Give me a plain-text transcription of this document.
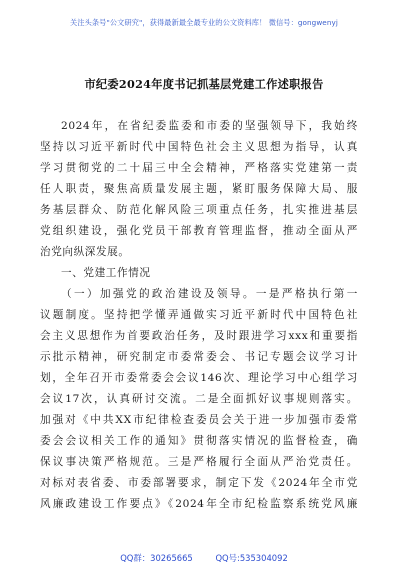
关注头条号"公文研究"，获得最新最全最专业的公文资料库！ 微信号：gongwenyj
市纪委2024年度书记抓基层党建工作述职报告
2024年，在省纪委监委和市委的坚强领导下，我始终
坚持以习近平新时代中国特色社会主义思想为指导，认真
学习贯彻党的二十届三中全会精神，严格落实党建第一责
任人职责，聚焦高质量发展主题，紧盯服务保障大局、服
务基层群众、防范化解风险三项重点任务，扎实推进基层
党组织建设，强化党员干部教育管理监督，推动全面从严
治党向纵深发展。
一、党建工作情况
（一）加强党的政治建设及领导。一是严格执行第一
议题制度。坚持把学懂弄通做实习近平新时代中国特色社
会主义思想作为首要政治任务，及时跟进学习xxx和重要指
示批示精神，研究制定市委常委会、书记专题会议学习计
划，全年召开市委常委会会议146次、理论学习中心组学习
会议17次，认真研讨交流。二是全面抓好议事规则落实。
加强对《中共XX市纪律检查委员会关于进一步加强市委常
委会会议相关工作的通知》贯彻落实情况的监督检查，确
保议事决策严格规范。三是严格履行全面从严治党责任。
对标对表省委、市委部署要求，制定下发《2024年全市党
风廉政建设工作要点》《2024年全市纪检监察系统党风廉
QQ群：30265665	QQ号:535304092
